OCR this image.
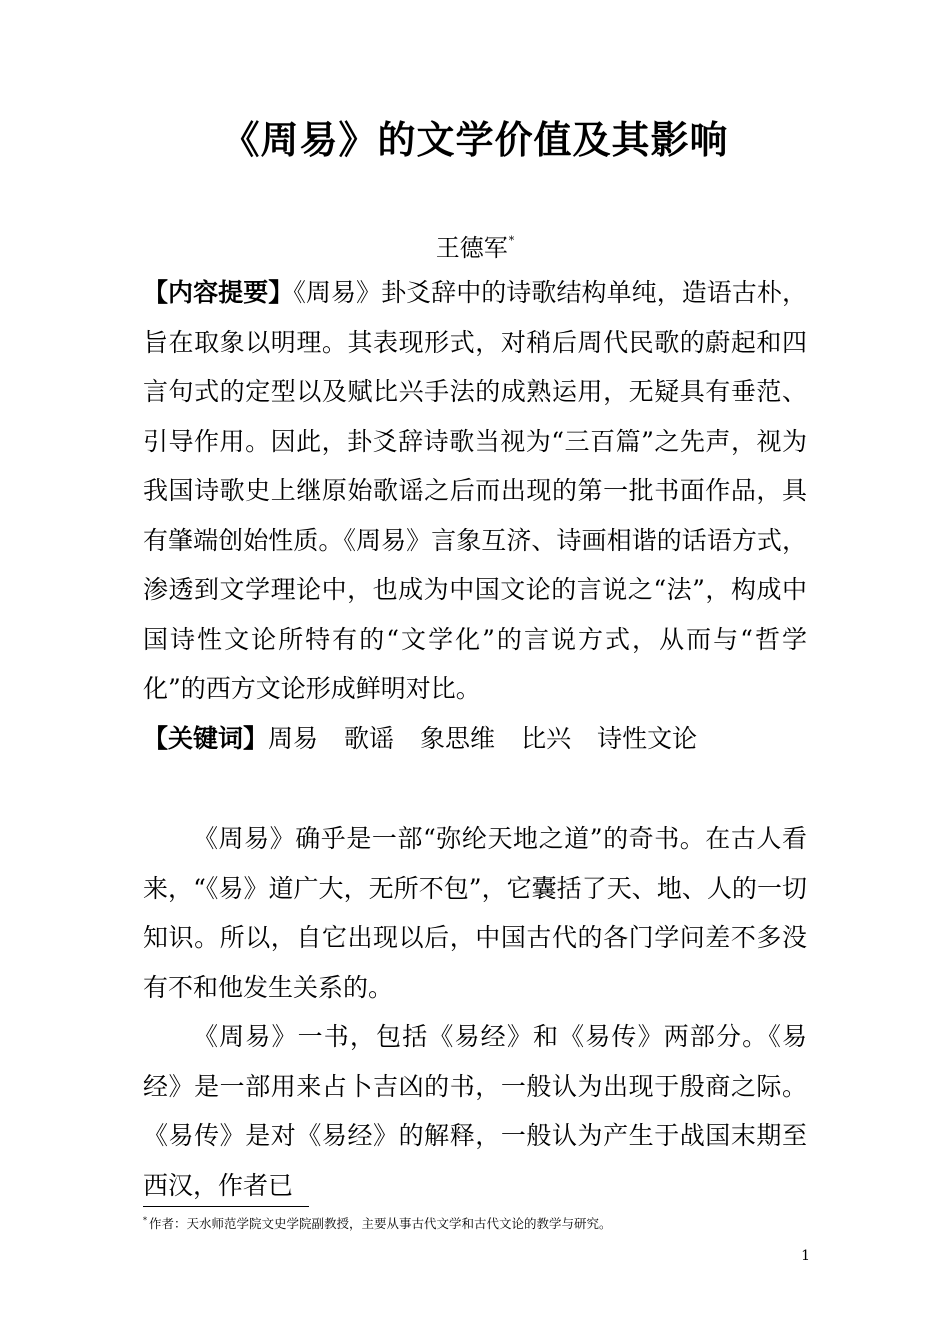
《周易》的文学价值及其影响
王德军*
【内容提要】《周易》卦爻辞中的诗歌结构单纯，造语古朴，旨在取象以明理。其表现形式，对稍后周代民歌的蔚起和四言句式的定型以及赋比兴手法的成熟运用，无疑具有垂范、引导作用。因此，卦爻辞诗歌当视为“三百篇”之先声，视为我国诗歌史上继原始歌谣之后而出现的第一批书面作品，具有肇端创始性质。《周易》言象互济、诗画相谐的话语方式，渗透到文学理论中，也成为中国文论的言说之“法”，构成中国诗性文论所特有的“文学化”的言说方式，从而与“哲学化”的西方文论形成鲜明对比。
【关键词】周易 歌谣 象思维 比兴 诗性文论
《周易》确乎是一部“弥纶天地之道”的奇书。在古人看来，“《易》道广大，无所不包”，它囊括了天、地、人的一切知识。所以，自它出现以后，中国古代的各门学问差不多没有不和他发生关系的。
《周易》一书，包括《易经》和《易传》两部分。《易经》是一部用来占卜吉凶的书，一般认为出现于殷商之际。《易传》是对《易经》的解释，一般认为产生于战国末期至西汉，作者已
* 作者：天水师范学院文史学院副教授，主要从事古代文学和古代文论的教学与研究。
1
